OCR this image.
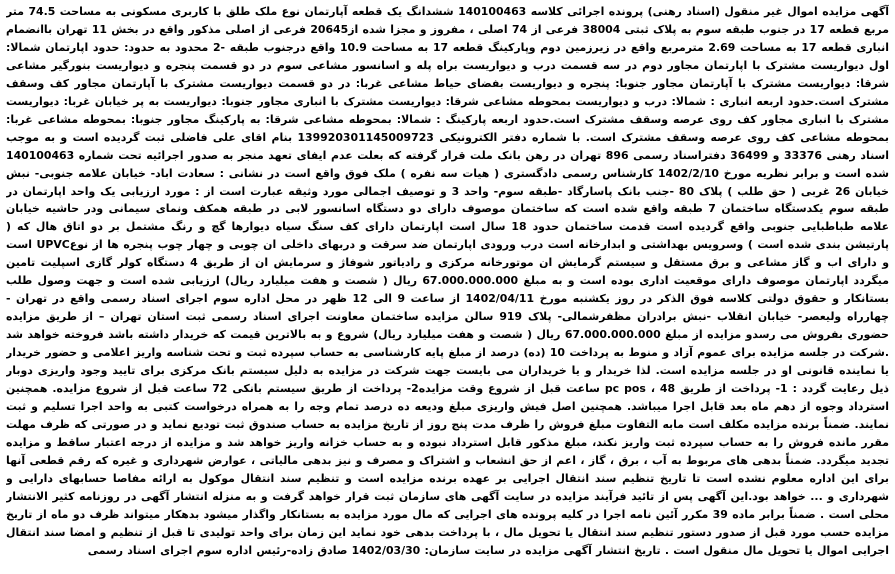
آگهی مزایده اموال غیر منقول (اسناد رهنی) پرونده اجرائی کلاسه 140100463 ششدانگ یک قطعه آپارتمان نوع ملک طلق با کاربری مسکونی به مساحت 74.5 متر مربع قطعه 17 در جنوب طبقه سوم به پلاک ثبتی 38004 فرعی از 74 اصلی ، مفروز و مجزا شده از20645 فرعی از اصلی مذکور واقع در بخش 11 تهران باانضمام انباری قطعه 17 به مساحت 2.69 مترمربع واقع در زیرزمین دوم وپارکینگ قطعه 17 به مساحت 10.9 واقع درجنوب طبقه -2 محدود به حدود: حدود اپارتمان شمالا: اول دیواریست مشترک با اپارتمان مجاور دوم در سه قسمت درب و دیواریست براه پله و اسانسور مشاعی سوم در دو قسمت پنجره و دیواریست بنورگیر مشاعی شرقا: دیواریست مشترک با آپارتمان مجاور جنوبا: پنجره و دیواریست بفضای حیاط مشاعی غربا: در دو قسمت دیواریست مشترک با آپارتمان مجاور کف وسقف مشترک است.حدود اربعه انباری : شمالا: درب و دیواریست بمحوطه مشاعی شرقا: دیواریست مشترک با انباری مجاور جنوبا: دیواریست به پر خیابان غربا: دیواریست مشترک با انباری مجاور کف روی عرصه وسقف مشترک است.حدود اربعه پارکینگ : شمالا: بمحوطه مشاعی شرقا: به پارکینگ مجاور جنوبا: بمحوطه مشاعی غربا: بمحوطه مشاعی کف روی عرصه وسقف مشترک است. با شماره دفتر الکترونیکی 139920301145009723 بنام اقای علی فاضلی ثبت گردیده است و به موجب اسناد رهنی 33376 و 36499 دفتراسناد رسمی 896 تهران در رهن بانک ملت قرار گرفته که بعلت عدم ایفای تعهد منجر به صدور اجرائیه تحت شماره 140100463 شده است و برابر نظریه مورخ 1402/2/10 کارشناس رسمی دادگستری ( هیات سه نفره ) ملک فوق واقع است در نشانی : سعادت اباد- خیابان علامه جنوبی- نبش خیابان 26 غربی ( حق طلب ) پلاک 80 -جنب بانک پاسارگاد -طبقه سوم- واحد 3 و توصیف اجمالی مورد وثیقه عبارت است از : مورد ارزیابی یک واحد اپارتمان در طبقه سوم یکدستگاه ساختمان 7 طبقه واقع شده است که ساختمان موصوف دارای دو دستگاه اسانسور لابی در طبقه همکف ونمای سیمانی ودر حاشیه خیابان علامه طباطبایی جنوبی واقع گردیده است قدمت ساختمان حدود 18 سال است اپارتمان دارای کف سنگ سیاه دیوارها گچ و رنگ مشتمل بر دو اتاق هال که ( پارتیشن بندی شده است ) وسرویس بهداشتی و ابدارخانه است درب ورودی اپارتمان ضد سرقت و دربهای داخلی ان چوبی و چهار چوب پنجره ها از نوعUPVC است و دارای اب و گاز مشاعی و برق مستقل و سیستم گرمایش ان موتورخانه مرکزی و رادیاتور شوفاژ و سرمایش ان از طریق 4 دستگاه کولر گازی اسپلیت تامین میگردد اپارتمان موصوف دارای موقعیت اداری بوده است و به مبلغ 67.000.000.000 ریال ( شصت و هفت میلیارد ریال) ارزیابی شده است و جهت وصول طلب بستانکار و حقوق دولتی کلاسه فوق الذکر در روز یکشنبه مورخ 1402/04/11 از ساعت 9 الی 12 ظهر در محل اداره سوم اجرای اسناد رسمی واقع در تهران - چهارراه ولیعصر- خیابان انقلاب -نبش برادران مظفرشمالی- پلاک 919 سالن مزایده ساختمان معاونت اجرای اسناد رسمی ثبت استان تهران – از طریق مزایده حضوری بفروش می رسدو مزایده از مبلغ 67.000.000.000 ریال ( شصت و هفت میلیارد ریال) شروع و به بالاترین قیمت که خریدار داشته باشد فروخته خواهد شد .شرکت در جلسه مزایده برای عموم آزاد و منوط به پرداخت 10 (ده) درصد از مبلغ پایه کارشناسی به حساب سپرده ثبت و تحت شناسه واریز اعلامی و حضور خریدار یا نماینده قانونی او در جلسه مزایده است. لذا خریدار و یا خریداران می بایست جهت شرکت در مزایده به دلیل سیستم بانک مرکزی برای تایید وجود واریزی دوبار ذیل رعایت گردد : 1- پرداخت از طریق pc pos ، 48 ساعت قبل از شروع وقت مزایده2- پرداخت از طریق سیستم بانکی 72 ساعت قبل از شروع مزایده. همچنین استرداد وجوه از دهم ماه بعد قابل اجرا میباشد. همچنین اصل فیش واریزی مبلغ ودیعه ده درصد تمام وجه را به همراه درخواست کتبی به واحد اجرا تسلیم و ثبت نمایند. ضمناً برنده مزایده مکلف است مابه التفاوت مبلغ فروش را ظرف مدت پنج روز از تاریخ مزایده به حساب صندوق ثبت تودیع نماید و در صورتی که ظرف مهلت مقرر مانده فروش را به حساب سپرده ثبت واریز نکند، مبلغ مذکور قابل استرداد نبوده و به حساب خزانه واریز خواهد شد و مزایده از درجه اعتبار ساقط و مزایده تجدید میگردد. ضمناً بدهی های مربوط به آب ، برق ، گاز ، اعم از حق انشعاب و اشتراک و مصرف و نیز بدهی مالیاتی ، عوارض شهرداری و غیره که رقم قطعی آنها برای این اداره معلوم نشده است تا تاریخ تنظیم سند انتقال اجرایی بر عهده برنده مزایده است و تنظیم سند انتقال موکول به ارائه مفاصا حسابهای دارایی و شهرداری و ... خواهد بود.این آگهی پس از تائید فرآیند مزایده در سایت آگهی های سازمان ثبت قرار خواهد گرفت و به منزله انتشار آگهی در روزنامه کثیر الانتشار محلی است . ضمناً برابر ماده 39 مکرر آئین نامه اجرا در کلیه پرونده های اجرایی که مال مورد مزایده به بستانکار واگذار میشود بدهکار میتواند ظرف دو ماه از تاریخ مزایده حسب مورد قبل از صدور دستور تنظیم سند انتقال یا تحویل مال ، با پرداخت بدهی خود نماید این زمان برای واحد تولیدی تا قبل از تنظیم و امضا سند انتقال اجرایی اموال یا تحویل مال منقول است . تاریخ انتشار آگهی مزایده در سایت سازمان: 1402/03/30 صادق زاده-رئیس اداره سوم اجرای اسناد رسمی
